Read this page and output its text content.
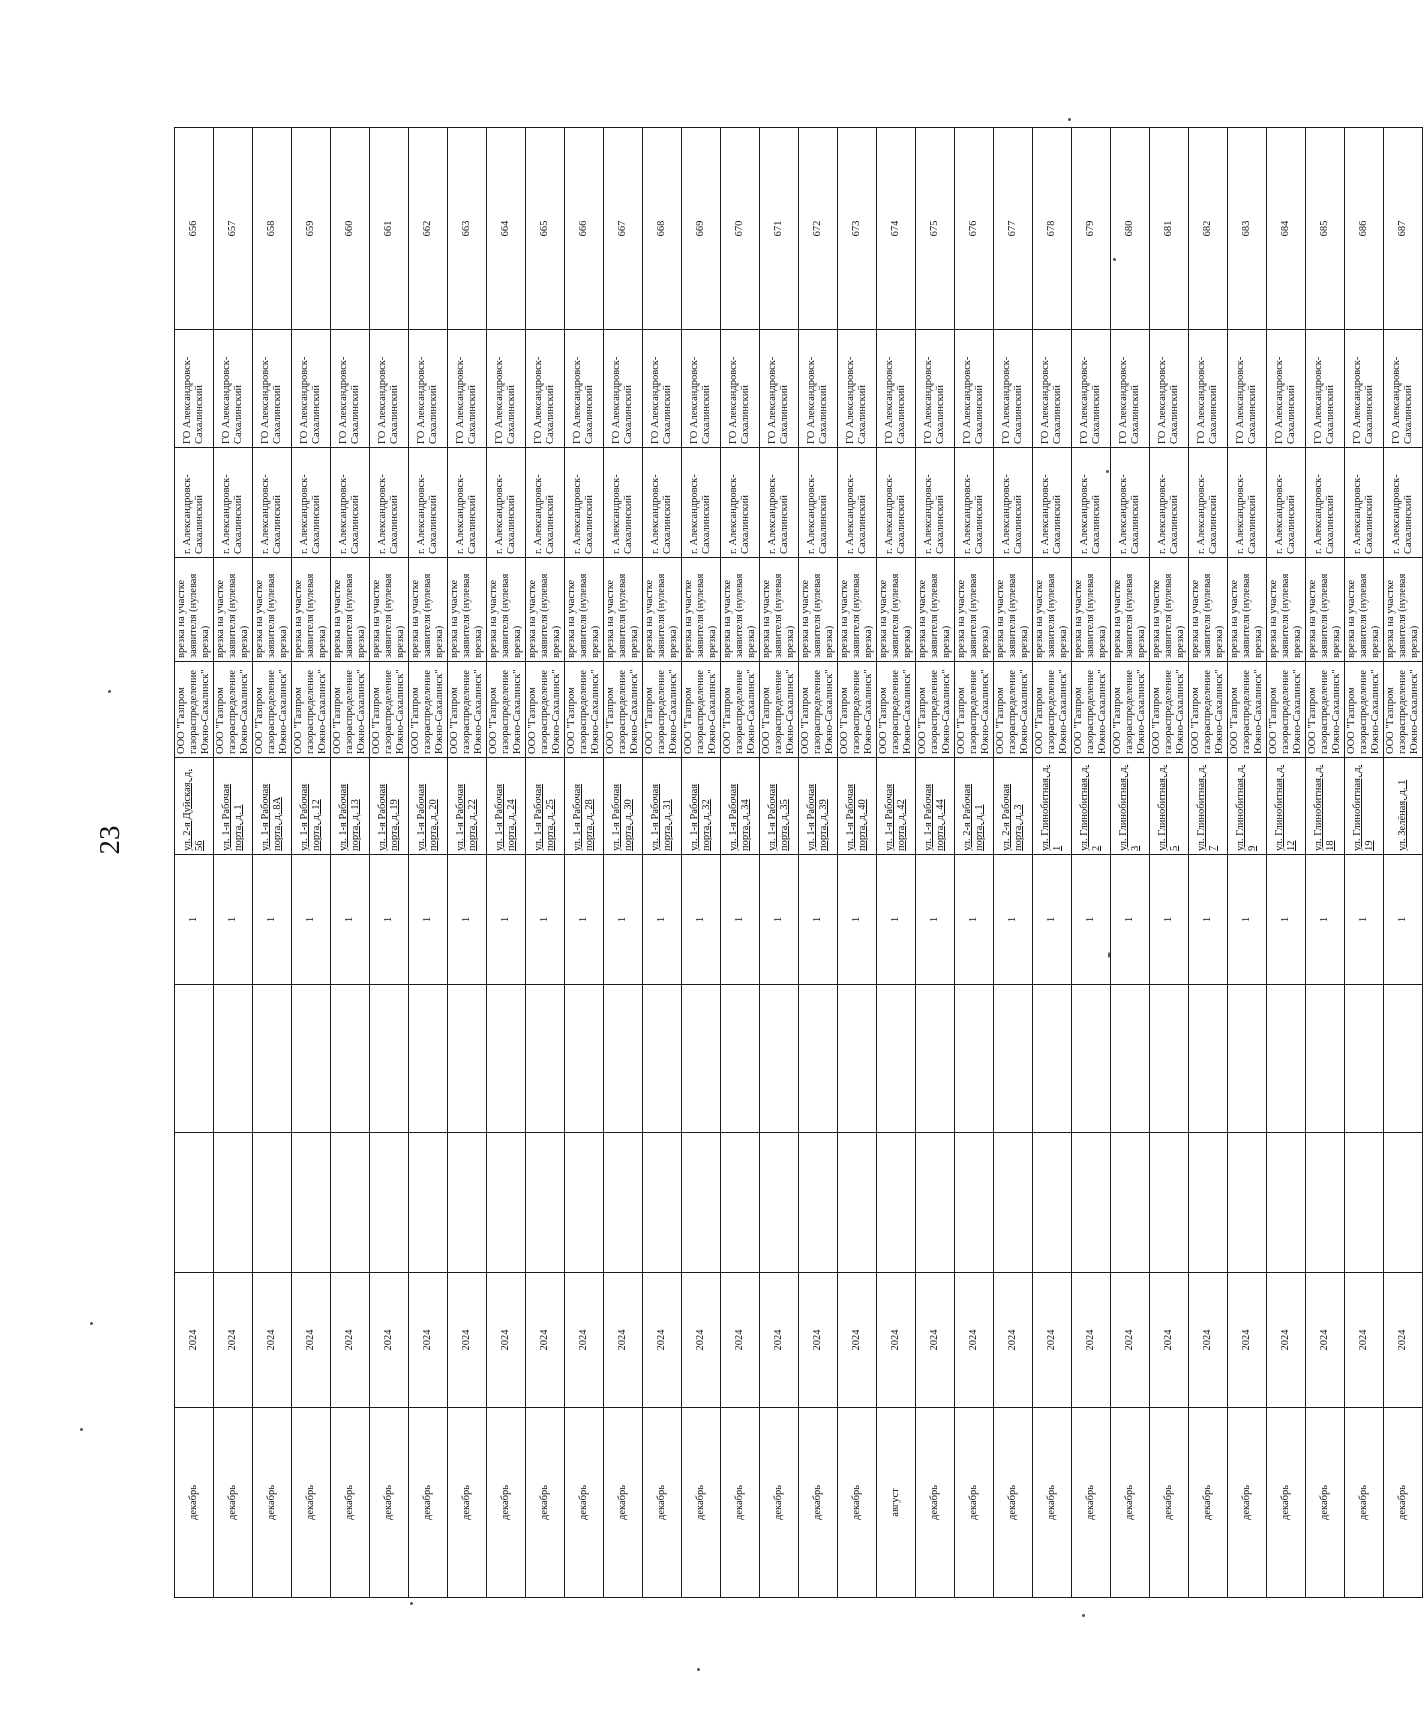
23
декабрь	2024			1	ул. 2-я Дуйская, д. 56	ООО "Газпром газораспределение Южно-Сахалинск"	врезка на участке заявителя (нулевая врезка)	г. Александровск-Сахалинский	ГО Александровск-Сахалинский	656
декабрь	2024			1	ул. 1-я Рабочая порта, д. 1	ООО "Газпром газораспределение Южно-Сахалинск"	врезка на участке заявителя (нулевая врезка)	г. Александровск-Сахалинский	ГО Александровск-Сахалинский	657
декабрь	2024			1	ул. 1-я Рабочая порта, д. 8А	ООО "Газпром газораспределение Южно-Сахалинск"	врезка на участке заявителя (нулевая врезка)	г. Александровск-Сахалинский	ГО Александровск-Сахалинский	658
декабрь	2024			1	ул. 1-я Рабочая порта, д. 12	ООО "Газпром газораспределение Южно-Сахалинск"	врезка на участке заявителя (нулевая врезка)	г. Александровск-Сахалинский	ГО Александровск-Сахалинский	659
декабрь	2024			1	ул. 1-я Рабочая порта, д. 13	ООО "Газпром газораспределение Южно-Сахалинск"	врезка на участке заявителя (нулевая врезка)	г. Александровск-Сахалинский	ГО Александровск-Сахалинский	660
декабрь	2024			1	ул. 1-я Рабочая порта, д. 19	ООО "Газпром газораспределение Южно-Сахалинск"	врезка на участке заявителя (нулевая врезка)	г. Александровск-Сахалинский	ГО Александровск-Сахалинский	661
декабрь	2024			1	ул. 1-я Рабочая порта, д. 20	ООО "Газпром газораспределение Южно-Сахалинск"	врезка на участке заявителя (нулевая врезка)	г. Александровск-Сахалинский	ГО Александровск-Сахалинский	662
декабрь	2024			1	ул. 1-я Рабочая порта, д. 22	ООО "Газпром газораспределение Южно-Сахалинск"	врезка на участке заявителя (нулевая врезка)	г. Александровск-Сахалинский	ГО Александровск-Сахалинский	663
декабрь	2024			1	ул. 1-я Рабочая порта, д. 24	ООО "Газпром газораспределение Южно-Сахалинск"	врезка на участке заявителя (нулевая врезка)	г. Александровск-Сахалинский	ГО Александровск-Сахалинский	664
декабрь	2024			1	ул. 1-я Рабочая порта, д. 25	ООО "Газпром газораспределение Южно-Сахалинск"	врезка на участке заявителя (нулевая врезка)	г. Александровск-Сахалинский	ГО Александровск-Сахалинский	665
декабрь	2024			1	ул. 1-я Рабочая порта, д. 28	ООО "Газпром газораспределение Южно-Сахалинск"	врезка на участке заявителя (нулевая врезка)	г. Александровск-Сахалинский	ГО Александровск-Сахалинский	666
декабрь	2024			1	ул. 1-я Рабочая порта, д. 30	ООО "Газпром газораспределение Южно-Сахалинск"	врезка на участке заявителя (нулевая врезка)	г. Александровск-Сахалинский	ГО Александровск-Сахалинский	667
декабрь	2024			1	ул. 1-я Рабочая порта, д. 31	ООО "Газпром газораспределение Южно-Сахалинск"	врезка на участке заявителя (нулевая врезка)	г. Александровск-Сахалинский	ГО Александровск-Сахалинский	668
декабрь	2024			1	ул. 1-я Рабочая порта, д. 32	ООО "Газпром газораспределение Южно-Сахалинск"	врезка на участке заявителя (нулевая врезка)	г. Александровск-Сахалинский	ГО Александровск-Сахалинский	669
декабрь	2024			1	ул. 1-я Рабочая порта, д. 34	ООО "Газпром газораспределение Южно-Сахалинск"	врезка на участке заявителя (нулевая врезка)	г. Александровск-Сахалинский	ГО Александровск-Сахалинский	670
декабрь	2024			1	ул. 1-я Рабочая порта, д. 35	ООО "Газпром газораспределение Южно-Сахалинск"	врезка на участке заявителя (нулевая врезка)	г. Александровск-Сахалинский	ГО Александровск-Сахалинский	671
декабрь	2024			1	ул. 1-я Рабочая порта, д. 39	ООО "Газпром газораспределение Южно-Сахалинск"	врезка на участке заявителя (нулевая врезка)	г. Александровск-Сахалинский	ГО Александровск-Сахалинский	672
декабрь	2024			1	ул. 1-я Рабочая порта, д. 40	ООО "Газпром газораспределение Южно-Сахалинск"	врезка на участке заявителя (нулевая врезка)	г. Александровск-Сахалинский	ГО Александровск-Сахалинский	673
август	2024			1	ул. 1-я Рабочая порта, д. 42	ООО "Газпром газораспределение Южно-Сахалинск"	врезка на участке заявителя (нулевая врезка)	г. Александровск-Сахалинский	ГО Александровск-Сахалинский	674
декабрь	2024			1	ул. 1-я Рабочая порта, д. 44	ООО "Газпром газораспределение Южно-Сахалинск"	врезка на участке заявителя (нулевая врезка)	г. Александровск-Сахалинский	ГО Александровск-Сахалинский	675
декабрь	2024			1	ул. 2-я Рабочая порта, д. 1	ООО "Газпром газораспределение Южно-Сахалинск"	врезка на участке заявителя (нулевая врезка)	г. Александровск-Сахалинский	ГО Александровск-Сахалинский	676
декабрь	2024			1	ул. 2-я Рабочая порта, д. 3	ООО "Газпром газораспределение Южно-Сахалинск"	врезка на участке заявителя (нулевая врезка)	г. Александровск-Сахалинский	ГО Александровск-Сахалинский	677
декабрь	2024			1	ул. Глинобитная, д. 1	ООО "Газпром газораспределение Южно-Сахалинск"	врезка на участке заявителя (нулевая врезка)	г. Александровск-Сахалинский	ГО Александровск-Сахалинский	678
декабрь	2024			1	ул. Глинобитная, д. 2	ООО "Газпром газораспределение Южно-Сахалинск"	врезка на участке заявителя (нулевая врезка)	г. Александровск-Сахалинский	ГО Александровск-Сахалинский	679
декабрь	2024			1	ул. Глинобитная, д. 3	ООО "Газпром газораспределение Южно-Сахалинск"	врезка на участке заявителя (нулевая врезка)	г. Александровск-Сахалинский	ГО Александровск-Сахалинский	680
декабрь	2024			1	ул. Глинобитная, д. 5	ООО "Газпром газораспределение Южно-Сахалинск"	врезка на участке заявителя (нулевая врезка)	г. Александровск-Сахалинский	ГО Александровск-Сахалинский	681
декабрь	2024			1	ул. Глинобитная, д. 7	ООО "Газпром газораспределение Южно-Сахалинск"	врезка на участке заявителя (нулевая врезка)	г. Александровск-Сахалинский	ГО Александровск-Сахалинский	682
декабрь	2024			1	ул. Глинобитная, д. 9	ООО "Газпром газораспределение Южно-Сахалинск"	врезка на участке заявителя (нулевая врезка)	г. Александровск-Сахалинский	ГО Александровск-Сахалинский	683
декабрь	2024			1	ул. Глинобитная, д. 12	ООО "Газпром газораспределение Южно-Сахалинск"	врезка на участке заявителя (нулевая врезка)	г. Александровск-Сахалинский	ГО Александровск-Сахалинский	684
декабрь	2024			1	ул. Глинобитная, д. 18	ООО "Газпром газораспределение Южно-Сахалинск"	врезка на участке заявителя (нулевая врезка)	г. Александровск-Сахалинский	ГО Александровск-Сахалинский	685
декабрь	2024			1	ул. Глинобитная, д. 19	ООО "Газпром газораспределение Южно-Сахалинск"	врезка на участке заявителя (нулевая врезка)	г. Александровск-Сахалинский	ГО Александровск-Сахалинский	686
декабрь	2024			1	ул. Зелёная, д. 1	ООО "Газпром газораспределение Южно-Сахалинск"	врезка на участке заявителя (нулевая врезка)	г. Александровск-Сахалинский	ГО Александровск-Сахалинский	687
